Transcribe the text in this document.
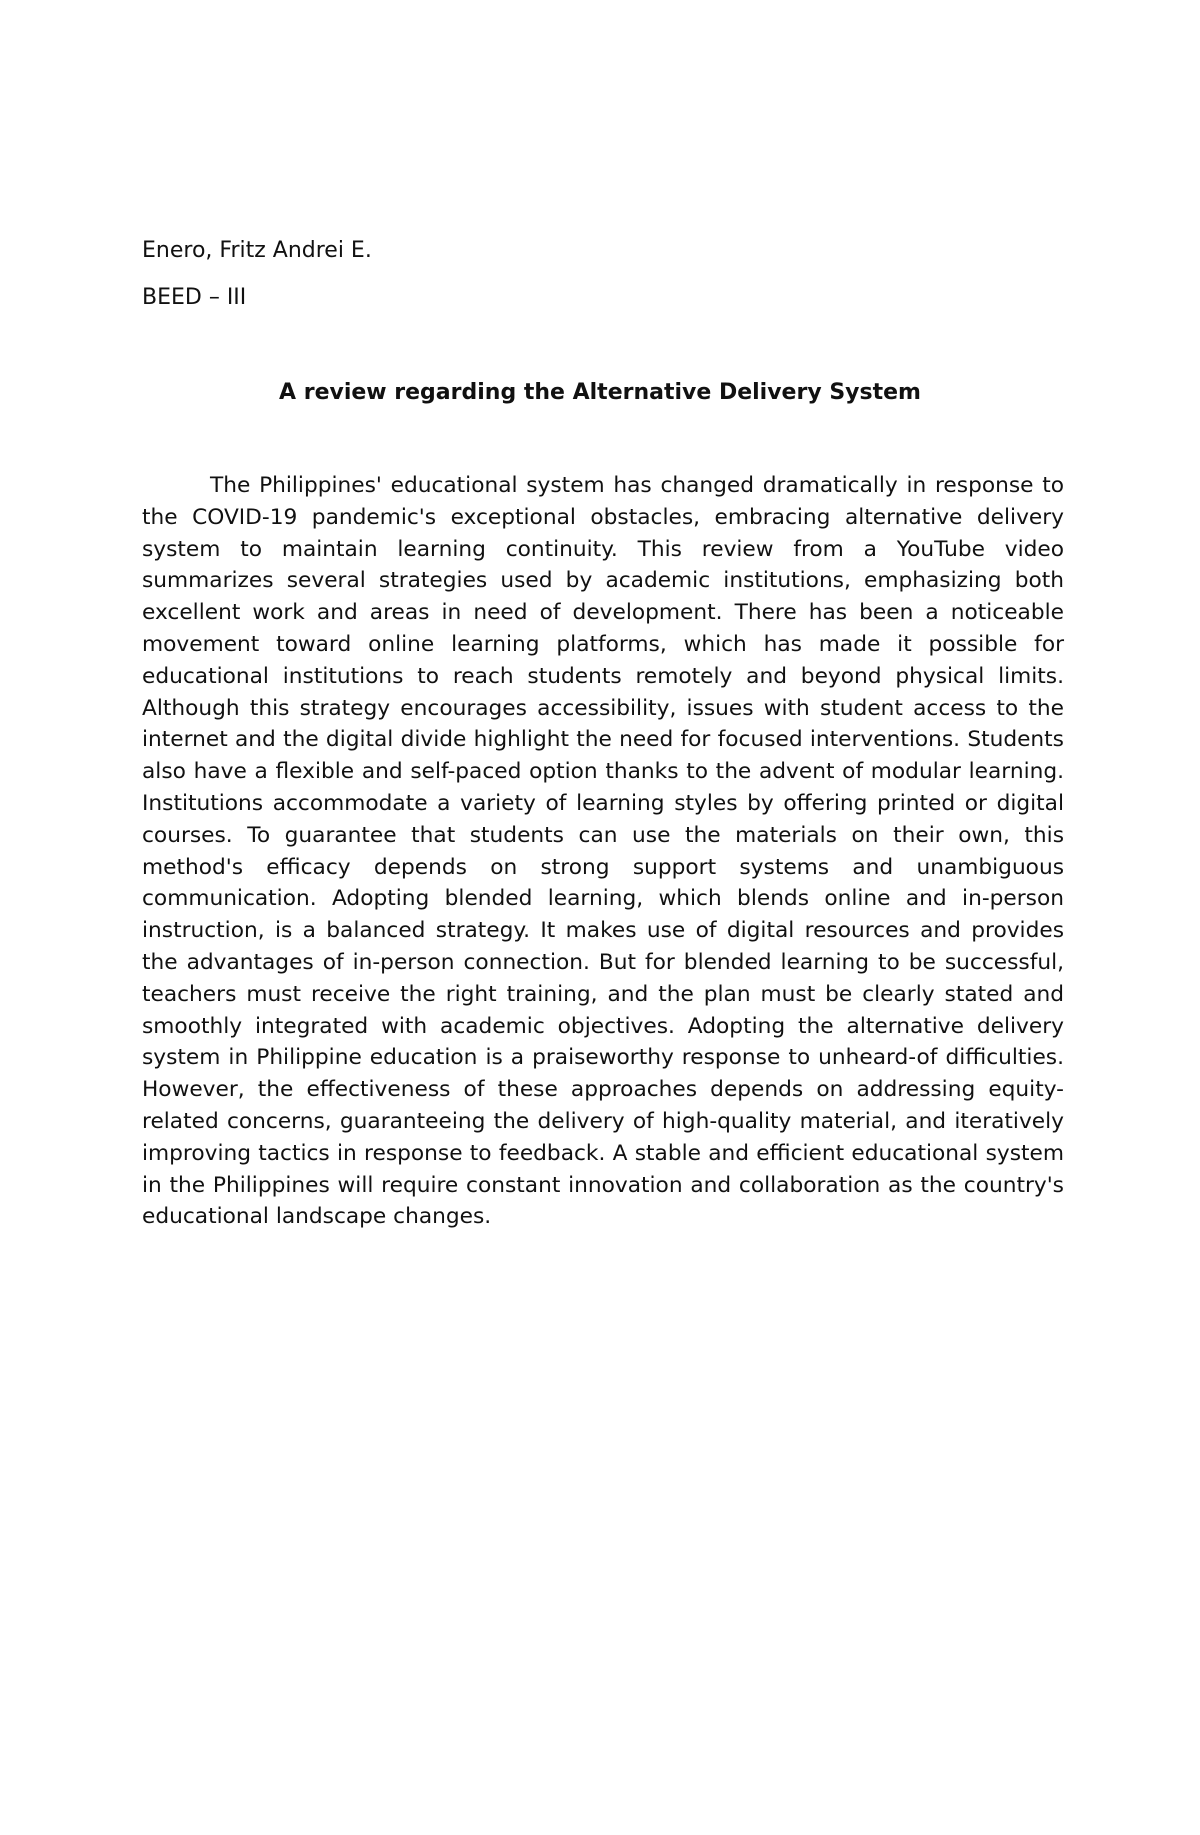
Enero, Fritz Andrei E.

BEED – III

A review regarding the Alternative Delivery System

The Philippines' educational system has changed dramatically in response to the COVID-19 pandemic's exceptional obstacles, embracing alternative delivery system to maintain learning continuity. This review from a YouTube video summarizes several strategies used by academic institutions, emphasizing both excellent work and areas in need of development. There has been a noticeable movement toward online learning platforms, which has made it possible for educational institutions to reach students remotely and beyond physical limits. Although this strategy encourages accessibility, issues with student access to the internet and the digital divide highlight the need for focused interventions. Students also have a flexible and self-paced option thanks to the advent of modular learning. Institutions accommodate a variety of learning styles by offering printed or digital courses. To guarantee that students can use the materials on their own, this method's efficacy depends on strong support systems and unambiguous communication. Adopting blended learning, which blends online and in-person instruction, is a balanced strategy. It makes use of digital resources and provides the advantages of in-person connection. But for blended learning to be successful, teachers must receive the right training, and the plan must be clearly stated and smoothly integrated with academic objectives. Adopting the alternative delivery system in Philippine education is a praiseworthy response to unheard-of difficulties. However, the effectiveness of these approaches depends on addressing equity-related concerns, guaranteeing the delivery of high-quality material, and iteratively improving tactics in response to feedback. A stable and efficient educational system in the Philippines will require constant innovation and collaboration as the country's educational landscape changes.
